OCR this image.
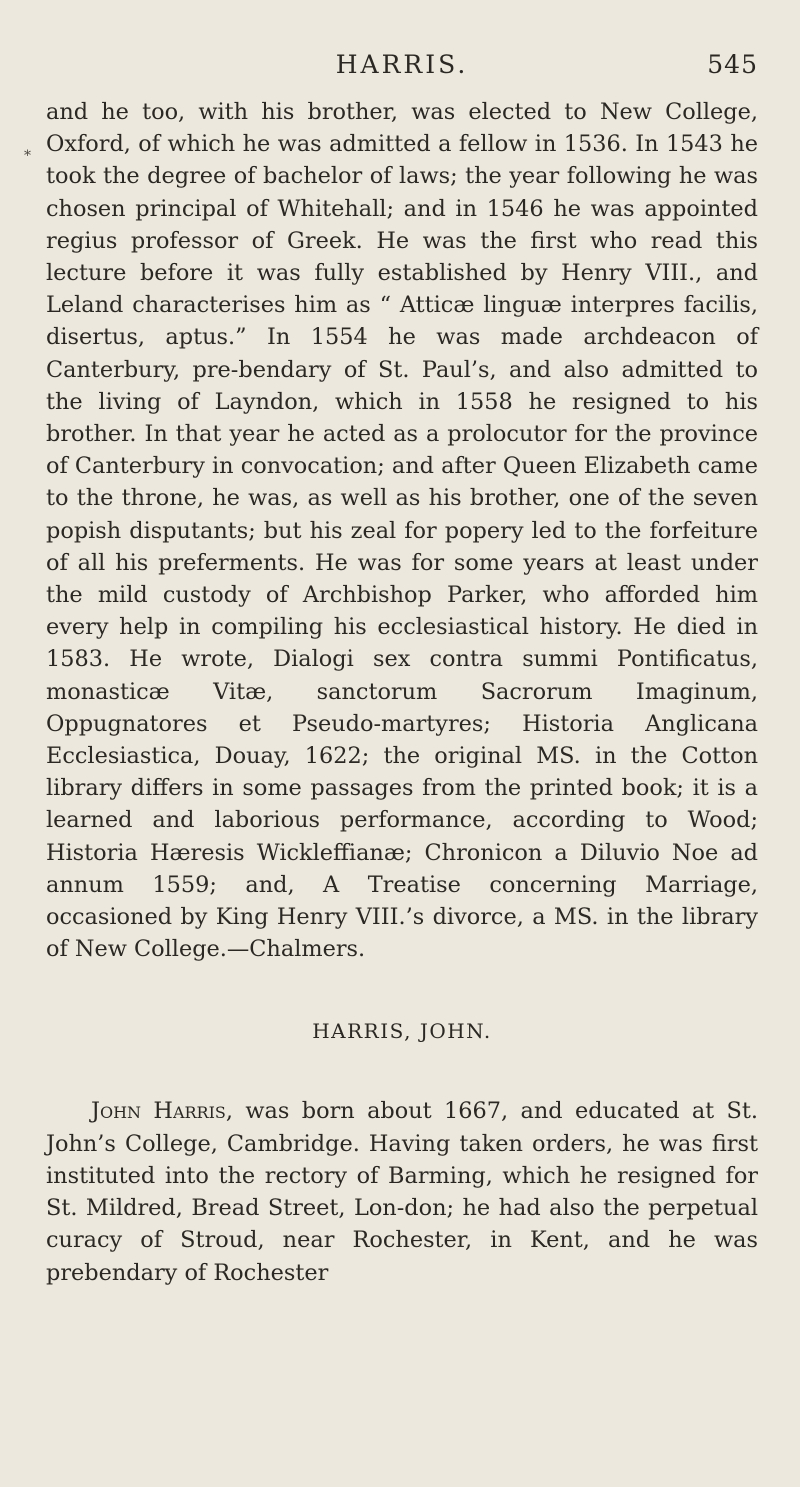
*
HARRIS.	545

and he too, with his brother, was elected to New College, Oxford, of which he was admitted a fellow in 1536. In 1543 he took the degree of bachelor of laws; the year following he was chosen principal of Whitehall; and in 1546 he was appointed regius professor of Greek. He was the first who read this lecture before it was fully established by Henry VIII., and Leland characterises him as “ Atticæ linguæ interpres facilis, disertus, aptus.” In 1554 he was made archdeacon of Canterbury, pre-bendary of St. Paul’s, and also admitted to the living of Layndon, which in 1558 he resigned to his brother. In that year he acted as a prolocutor for the province of Canterbury in convocation; and after Queen Elizabeth came to the throne, he was, as well as his brother, one of the seven popish disputants; but his zeal for popery led to the forfeiture of all his preferments. He was for some years at least under the mild custody of Archbishop Parker, who afforded him every help in compiling his ecclesiastical history. He died in 1583. He wrote, Dialogi sex contra summi Pontificatus, monasticæ Vitæ, sanctorum Sacrorum Imaginum, Oppugnatores et Pseudo-martyres; Historia Anglicana Ecclesiastica, Douay, 1622; the original MS. in the Cotton library differs in some passages from the printed book; it is a learned and laborious performance, according to Wood; Historia Hæresis Wickleffianæ; Chronicon a Diluvio Noe ad annum 1559; and, A Treatise concerning Marriage, occasioned by King Henry VIII.’s divorce, a MS. in the library of New College.—Chalmers.

HARRIS, JOHN.

John Harris, was born about 1667, and educated at St. John’s College, Cambridge. Having taken orders, he was first instituted into the rectory of Barming, which he resigned for St. Mildred, Bread Street, Lon-don; he had also the perpetual curacy of Stroud, near Rochester, in Kent, and he was prebendary of Rochester
